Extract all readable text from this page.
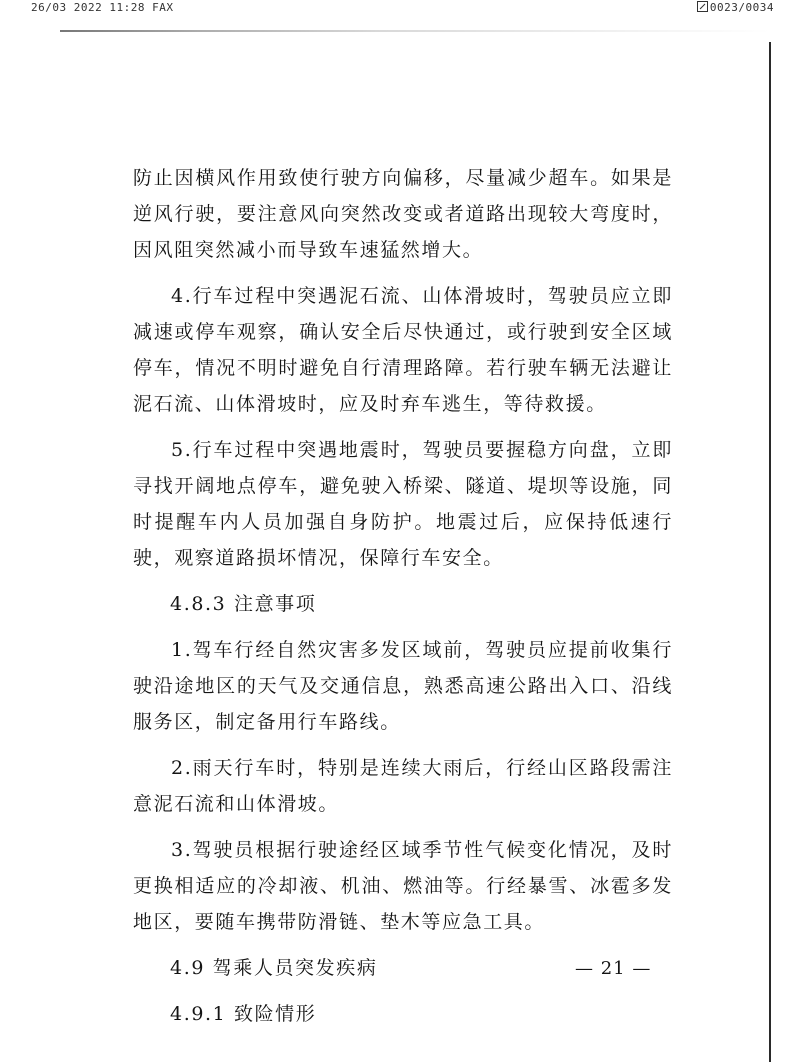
26/03 2022 11:28 FAX	0023/0034

防止因横风作用致使行驶方向偏移，尽量减少超车。如果是逆风行驶，要注意风向突然改变或者道路出现较大弯度时，因风阻突然减小而导致车速猛然增大。

4.行车过程中突遇泥石流、山体滑坡时，驾驶员应立即减速或停车观察，确认安全后尽快通过，或行驶到安全区域停车，情况不明时避免自行清理路障。若行驶车辆无法避让泥石流、山体滑坡时，应及时弃车逃生，等待救援。

5.行车过程中突遇地震时，驾驶员要握稳方向盘，立即寻找开阔地点停车，避免驶入桥梁、隧道、堤坝等设施，同时提醒车内人员加强自身防护。地震过后，应保持低速行驶，观察道路损坏情况，保障行车安全。

4.8.3 注意事项

1.驾车行经自然灾害多发区域前，驾驶员应提前收集行驶沿途地区的天气及交通信息，熟悉高速公路出入口、沿线服务区，制定备用行车路线。

2.雨天行车时，特别是连续大雨后，行经山区路段需注意泥石流和山体滑坡。

3.驾驶员根据行驶途经区域季节性气候变化情况，及时更换相适应的冷却液、机油、燃油等。行经暴雪、冰雹多发地区，要随车携带防滑链、垫木等应急工具。

4.9 驾乘人员突发疾病
4.9.1 致险情形
— 21 —
